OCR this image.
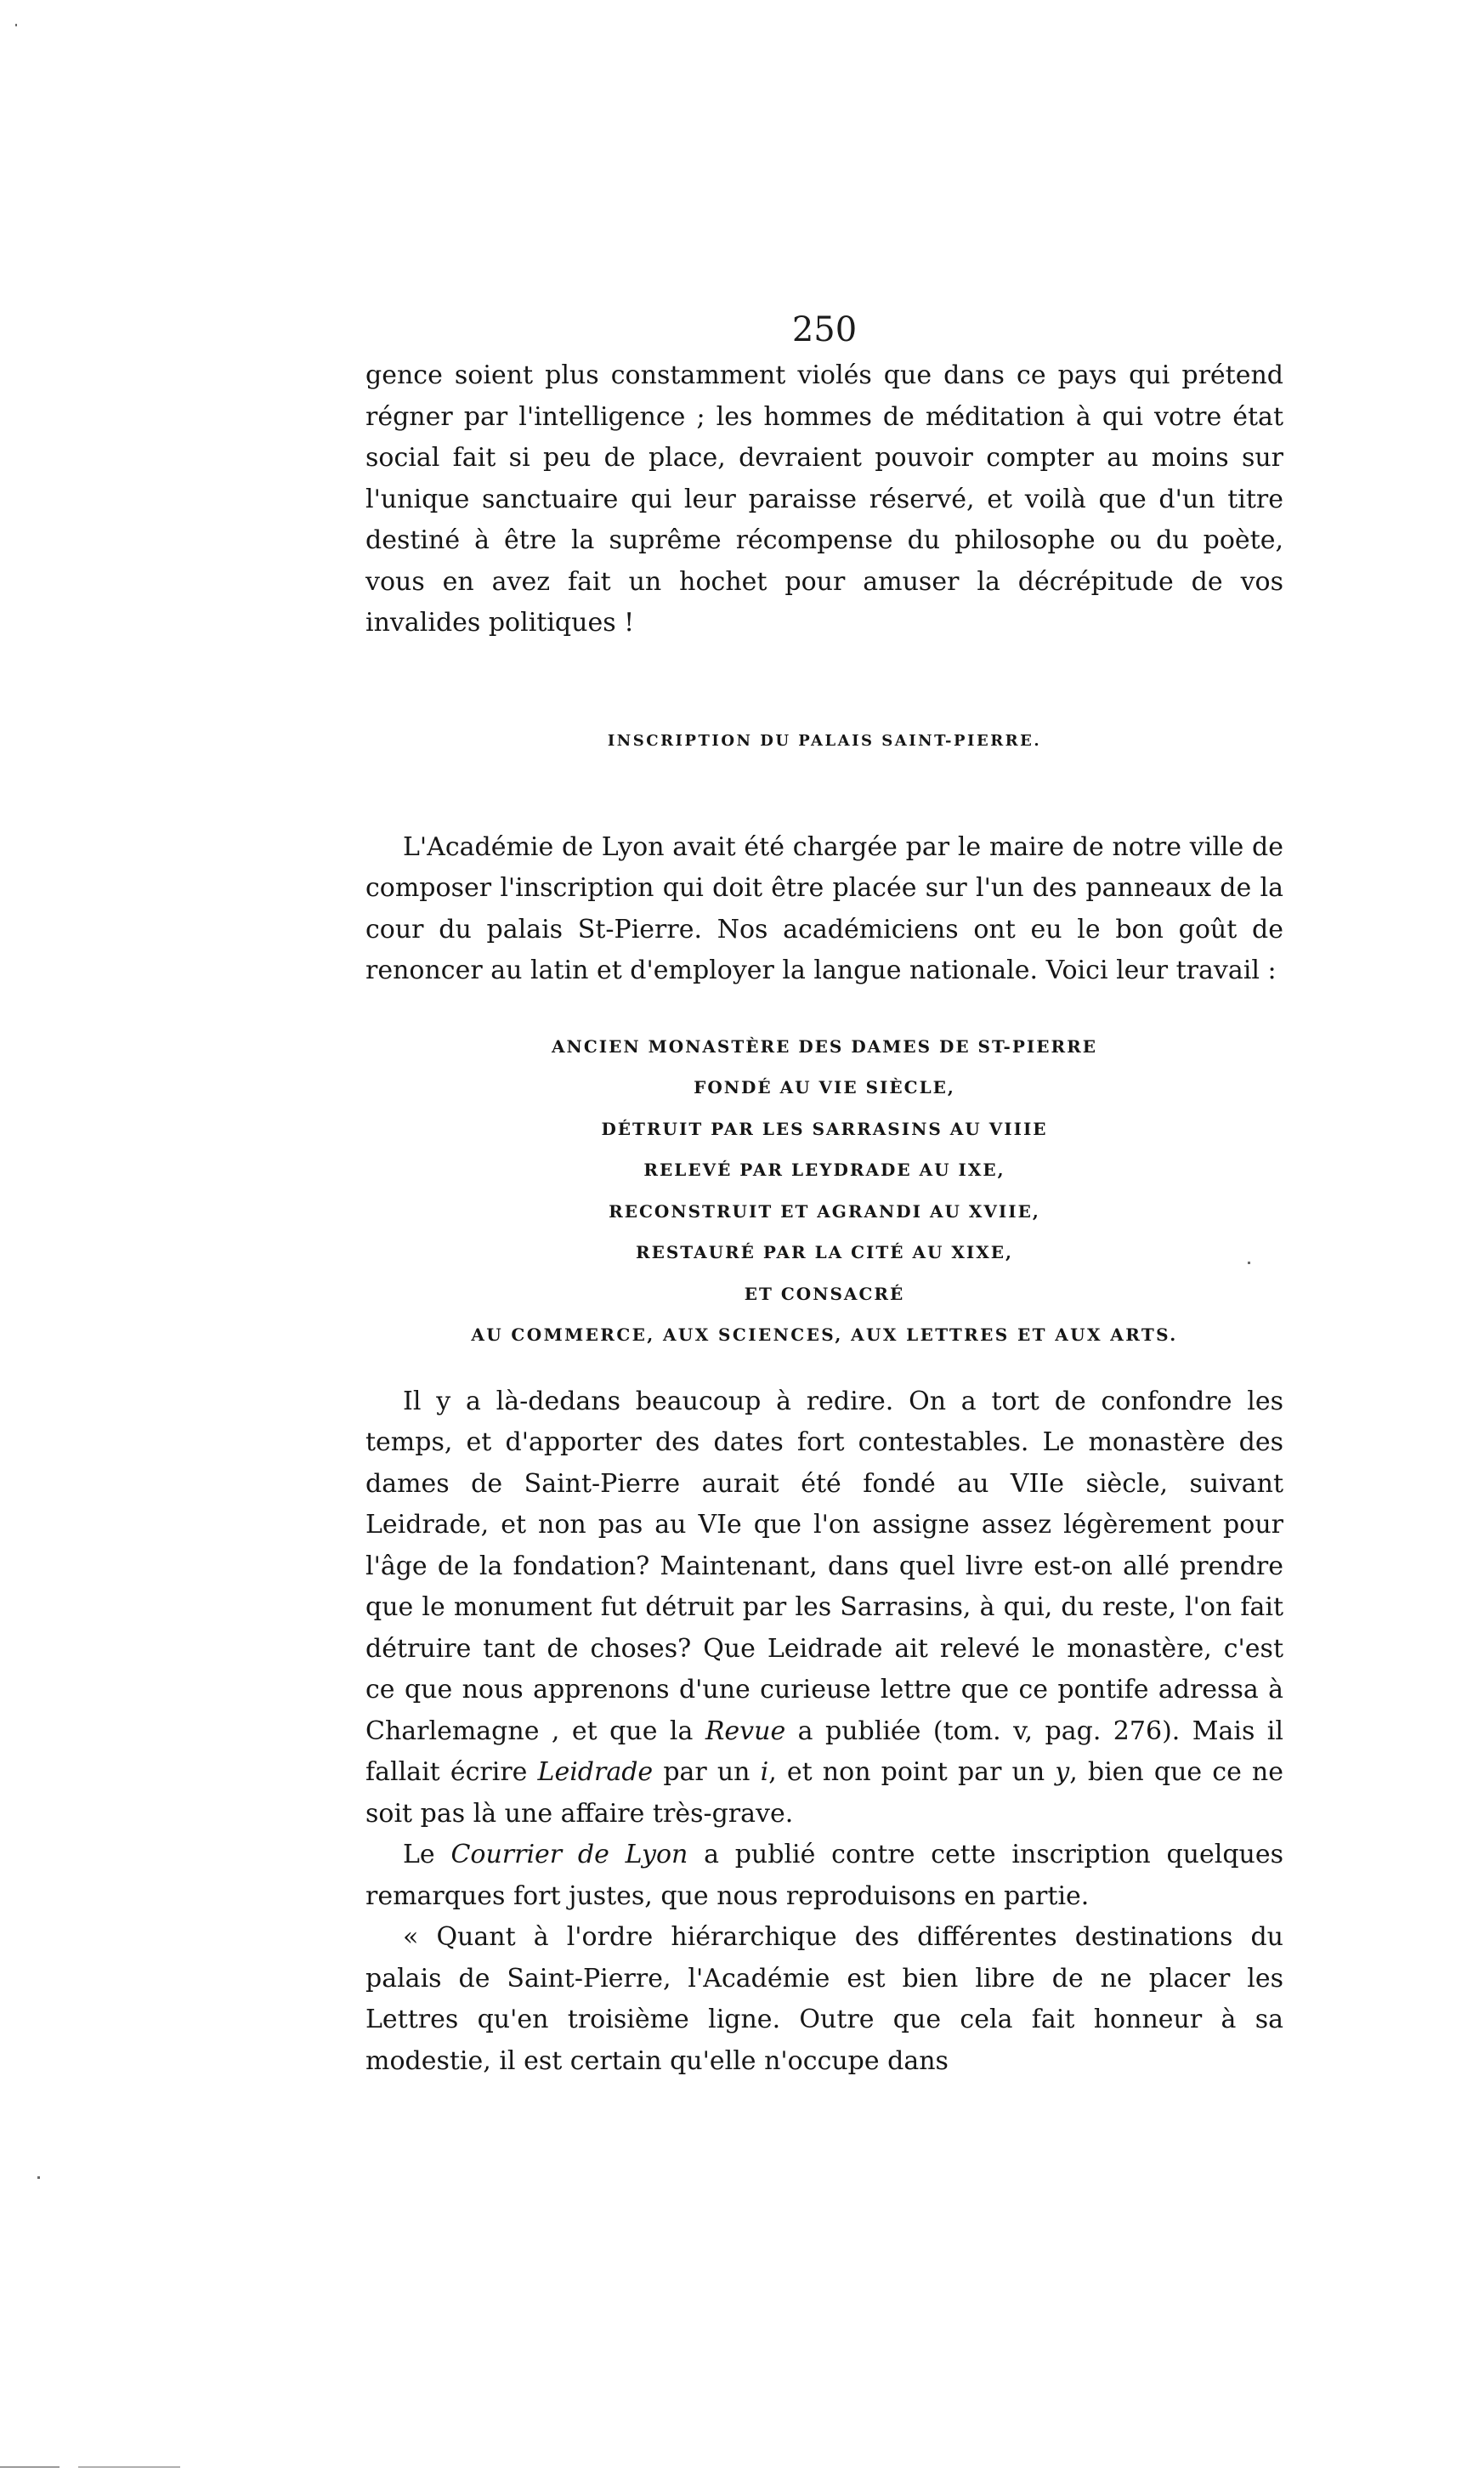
250

gence soient plus constamment violés que dans ce pays qui prétend régner par l'intelligence ; les hommes de méditation à qui votre état social fait si peu de place, devraient pouvoir compter au moins sur l'unique sanctuaire qui leur paraisse réservé, et voilà que d'un titre destiné à être la suprême récompense du philosophe ou du poète, vous en avez fait un hochet pour amuser la décrépitude de vos invalides politiques !

INSCRIPTION DU PALAIS SAINT-PIERRE.

L'Académie de Lyon avait été chargée par le maire de notre ville de composer l'inscription qui doit être placée sur l'un des panneaux de la cour du palais St-Pierre. Nos académiciens ont eu le bon goût de renoncer au latin et d'employer la langue nationale. Voici leur travail :

ANCIEN MONASTÈRE DES DAMES DE ST-PIERRE
FONDÉ AU VIE SIÈCLE,
DÉTRUIT PAR LES SARRASINS AU VIIIE
RELEVÉ PAR LEYDRADE AU IXE,
RECONSTRUIT ET AGRANDI AU XVIIE,
RESTAURÉ PAR LA CITÉ AU XIXE,
ET CONSACRÉ
AU COMMERCE, AUX SCIENCES, AUX LETTRES ET AUX ARTS.

Il y a là-dedans beaucoup à redire. On a tort de confondre les temps, et d'apporter des dates fort contestables. Le monastère des dames de Saint-Pierre aurait été fondé au VIIe siècle, suivant Leidrade, et non pas au VIe que l'on assigne assez légèrement pour l'âge de la fondation? Maintenant, dans quel livre est-on allé prendre que le monument fut détruit par les Sarrasins, à qui, du reste, l'on fait détruire tant de choses? Que Leidrade ait relevé le monastère, c'est ce que nous apprenons d'une curieuse lettre que ce pontife adressa à Charlemagne , et que la Revue a publiée (tom. v, pag. 276). Mais il fallait écrire Leidrade par un i, et non point par un y, bien que ce ne soit pas là une affaire très-grave.

Le Courrier de Lyon a publié contre cette inscription quelques remarques fort justes, que nous reproduisons en partie.

« Quant à l'ordre hiérarchique des différentes destinations du palais de Saint-Pierre, l'Académie est bien libre de ne placer les Lettres qu'en troisième ligne. Outre que cela fait honneur à sa modestie, il est certain qu'elle n'occupe dans
